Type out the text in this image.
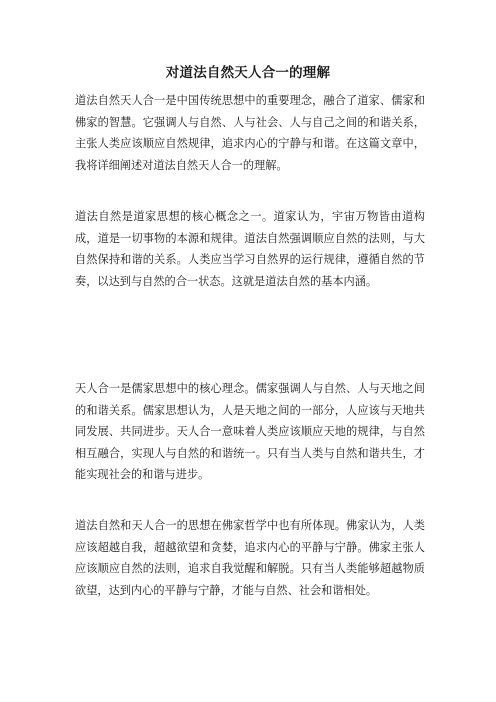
对道法自然天人合一的理解

道法自然天人合一是中国传统思想中的重要理念，融合了道家、儒家和佛家的智慧。它强调人与自然、人与社会、人与自己之间的和谐关系，主张人类应该顺应自然规律，追求内心的宁静与和谐。在这篇文章中，我将详细阐述对道法自然天人合一的理解。

道法自然是道家思想的核心概念之一。道家认为，宇宙万物皆由道构成，道是一切事物的本源和规律。道法自然强调顺应自然的法则，与大自然保持和谐的关系。人类应当学习自然界的运行规律，遵循自然的节奏，以达到与自然的合一状态。这就是道法自然的基本内涵。

天人合一是儒家思想中的核心理念。儒家强调人与自然、人与天地之间的和谐关系。儒家思想认为，人是天地之间的一部分，人应该与天地共同发展、共同进步。天人合一意味着人类应该顺应天地的规律，与自然相互融合，实现人与自然的和谐统一。只有当人类与自然和谐共生，才能实现社会的和谐与进步。

道法自然和天人合一的思想在佛家哲学中也有所体现。佛家认为，人类应该超越自我，超越欲望和贪婪，追求内心的平静与宁静。佛家主张人应该顺应自然的法则，追求自我觉醒和解脱。只有当人类能够超越物质欲望，达到内心的平静与宁静，才能与自然、社会和谐相处。
